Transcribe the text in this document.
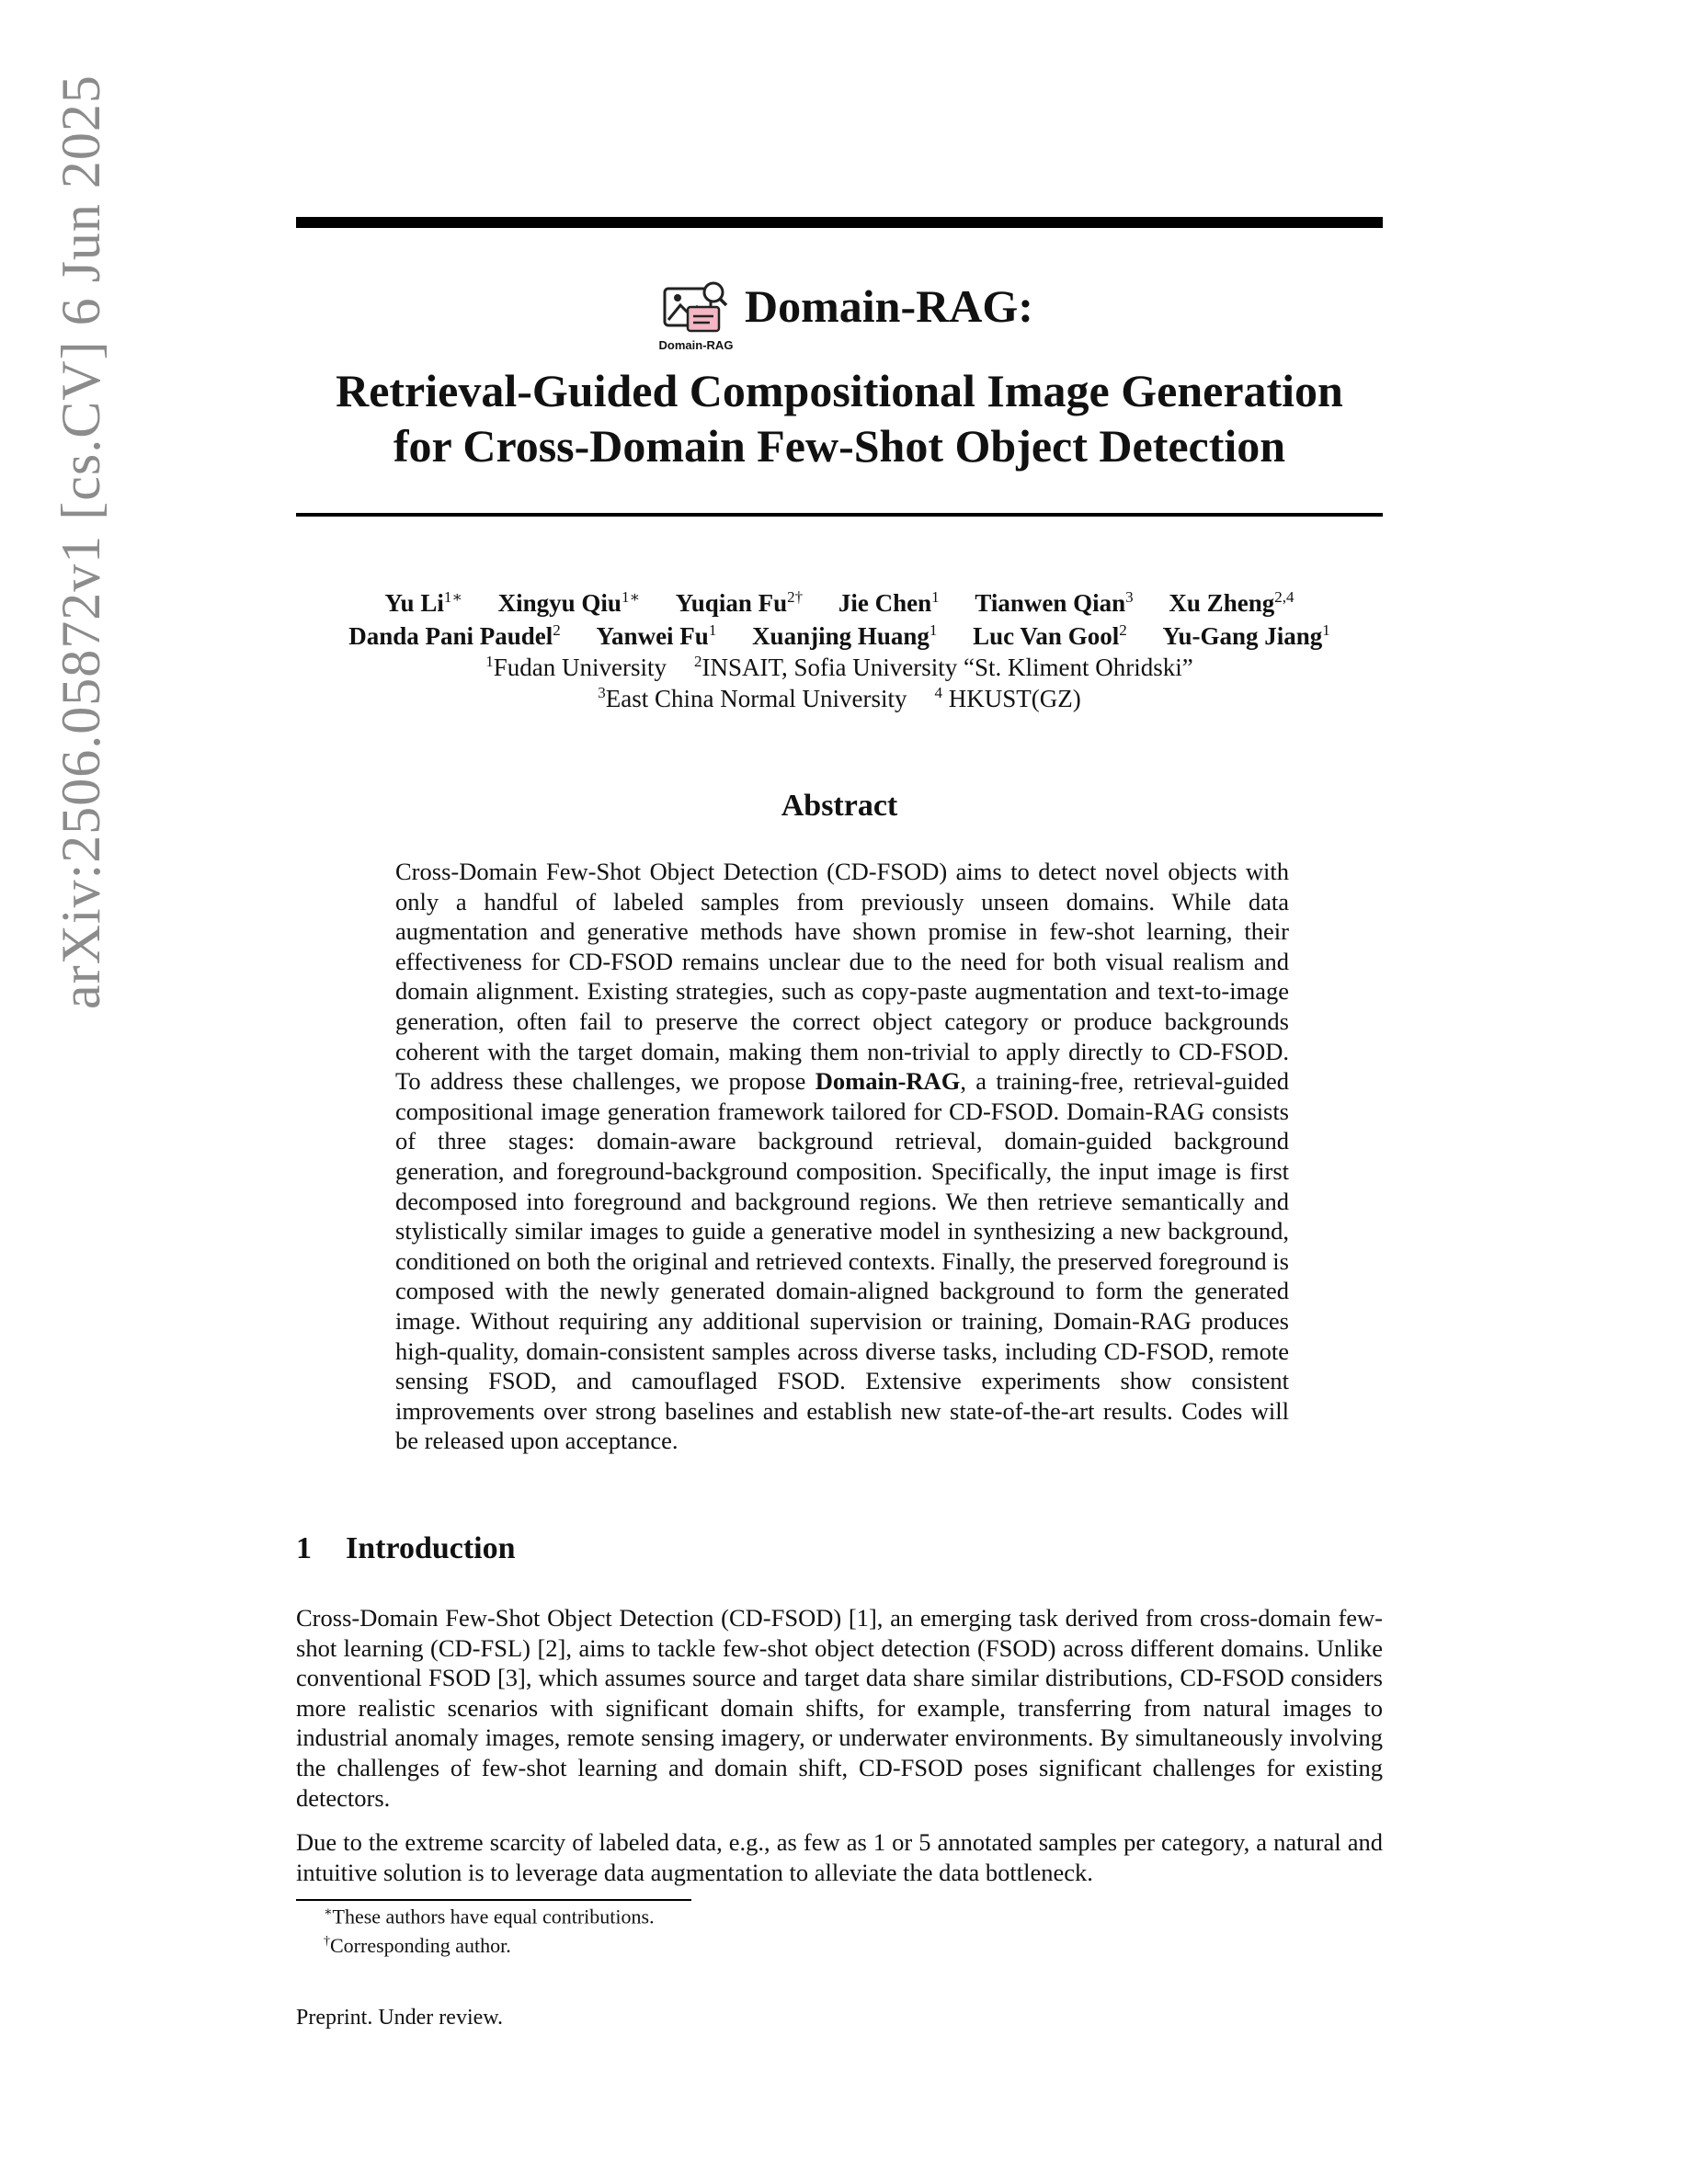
arXiv:2506.05872v1 [cs.CV] 6 Jun 2025	Domain-RAG
Domain-RAG:
Retrieval-Guided Compositional Image Generation
for Cross-Domain Few-Shot Object Detection
Yu $Li^{1∗}$ Xingyu Qiu$^{1∗}$ Yuqian $Fu^{2\dagger}$ Jie Chen$^1$ Tianwen Qian$^3$ Xu Zheng$^{2,4}$
Danda Pani Paudel$^2$ Yanwei Fu$^1$ Xuanjing Huang$^1$ Luc Van Gool$^2$ Yu-Gang Jiang$^1$
$^1$Fudan University $^2$INSAIT, Sofia University “St. Kliment Ohridski”
$^3$East China Normal University $^4$ HKUST(GZ)
Abstract
Cross-Domain Few-Shot Object Detection (CD-FSOD) aims to detect novel objects with only a handful of labeled samples from previously unseen domains. While data augmentation and generative methods have shown promise in few-shot learning, their effectiveness for CD-FSOD remains unclear due to the need for both visual realism and domain alignment. Existing strategies, such as copy-paste augmentation and text-to-image generation, often fail to preserve the correct object category or produce backgrounds coherent with the target domain, making them non-trivial to apply directly to CD-FSOD. To address these challenges, we propose Domain-RAG, a training-free, retrieval-guided compositional image generation framework tailored for CD-FSOD. Domain-RAG consists of three stages: domain-aware background retrieval, domain-guided background generation, and foreground-background composition. Specifically, the input image is first decomposed into foreground and background regions. We then retrieve semantically and stylistically similar images to guide a generative model in synthesizing a new background, conditioned on both the original and retrieved contexts. Finally, the preserved foreground is composed with the newly generated domain-aligned background to form the generated image. Without requiring any additional supervision or training, Domain-RAG produces high-quality, domain-consistent samples across diverse tasks, including CD-FSOD, remote sensing FSOD, and camouflaged FSOD. Extensive experiments show consistent improvements over strong baselines and establish new state-of-the-art results. Codes will be released upon acceptance.
1 Introduction
Cross-Domain Few-Shot Object Detection (CD-FSOD) [1], an emerging task derived from cross-domain few-shot learning (CD-FSL) [2], aims to tackle few-shot object detection (FSOD) across different domains. Unlike conventional FSOD [3], which assumes source and target data share similar distributions, CD-FSOD considers more realistic scenarios with significant domain shifts, for example, transferring from natural images to industrial anomaly images, remote sensing imagery, or underwater environments. By simultaneously involving the challenges of few-shot learning and domain shift, CD-FSOD poses significant challenges for existing detectors.
Due to the extreme scarcity of labeled data, e.g., as few as 1 or 5 annotated samples per category, a natural and intuitive solution is to leverage data augmentation to alleviate the data bottleneck.
∗These authors have equal contributions.
†Corresponding author.
Preprint. Under review.
